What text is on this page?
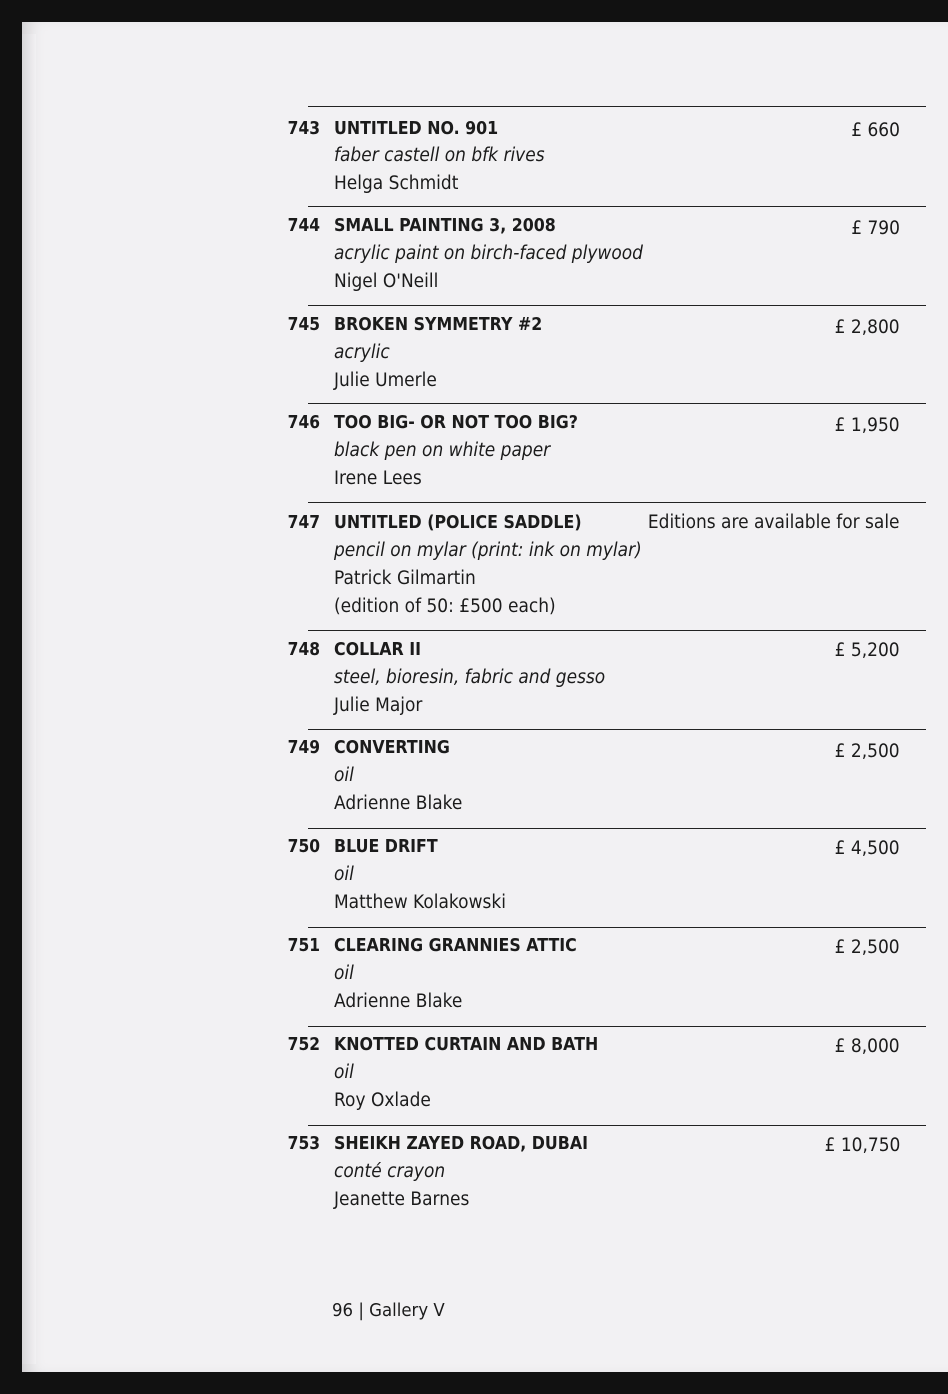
743 UNTITLED NO. 901
faber castell on bfk rives
Helga Schmidt
£ 660
744 SMALL PAINTING 3, 2008
acrylic paint on birch-faced plywood
Nigel O'Neill
£ 790
745 BROKEN SYMMETRY #2
acrylic
Julie Umerle
£ 2,800
746 TOO BIG- OR NOT TOO BIG?
black pen on white paper
Irene Lees
£ 1,950
747 UNTITLED (POLICE SADDLE)
pencil on mylar (print: ink on mylar)
Patrick Gilmartin
(edition of 50: £500 each)
Editions are available for sale
748 COLLAR II
steel, bioresin, fabric and gesso
Julie Major
£ 5,200
749 CONVERTING
oil
Adrienne Blake
£ 2,500
750 BLUE DRIFT
oil
Matthew Kolakowski
£ 4,500
751 CLEARING GRANNIES ATTIC
oil
Adrienne Blake
£ 2,500
752 KNOTTED CURTAIN AND BATH
oil
Roy Oxlade
£ 8,000
753 SHEIKH ZAYED ROAD, DUBAI
conté crayon
Jeanette Barnes
£ 10,750
96 | Gallery V
